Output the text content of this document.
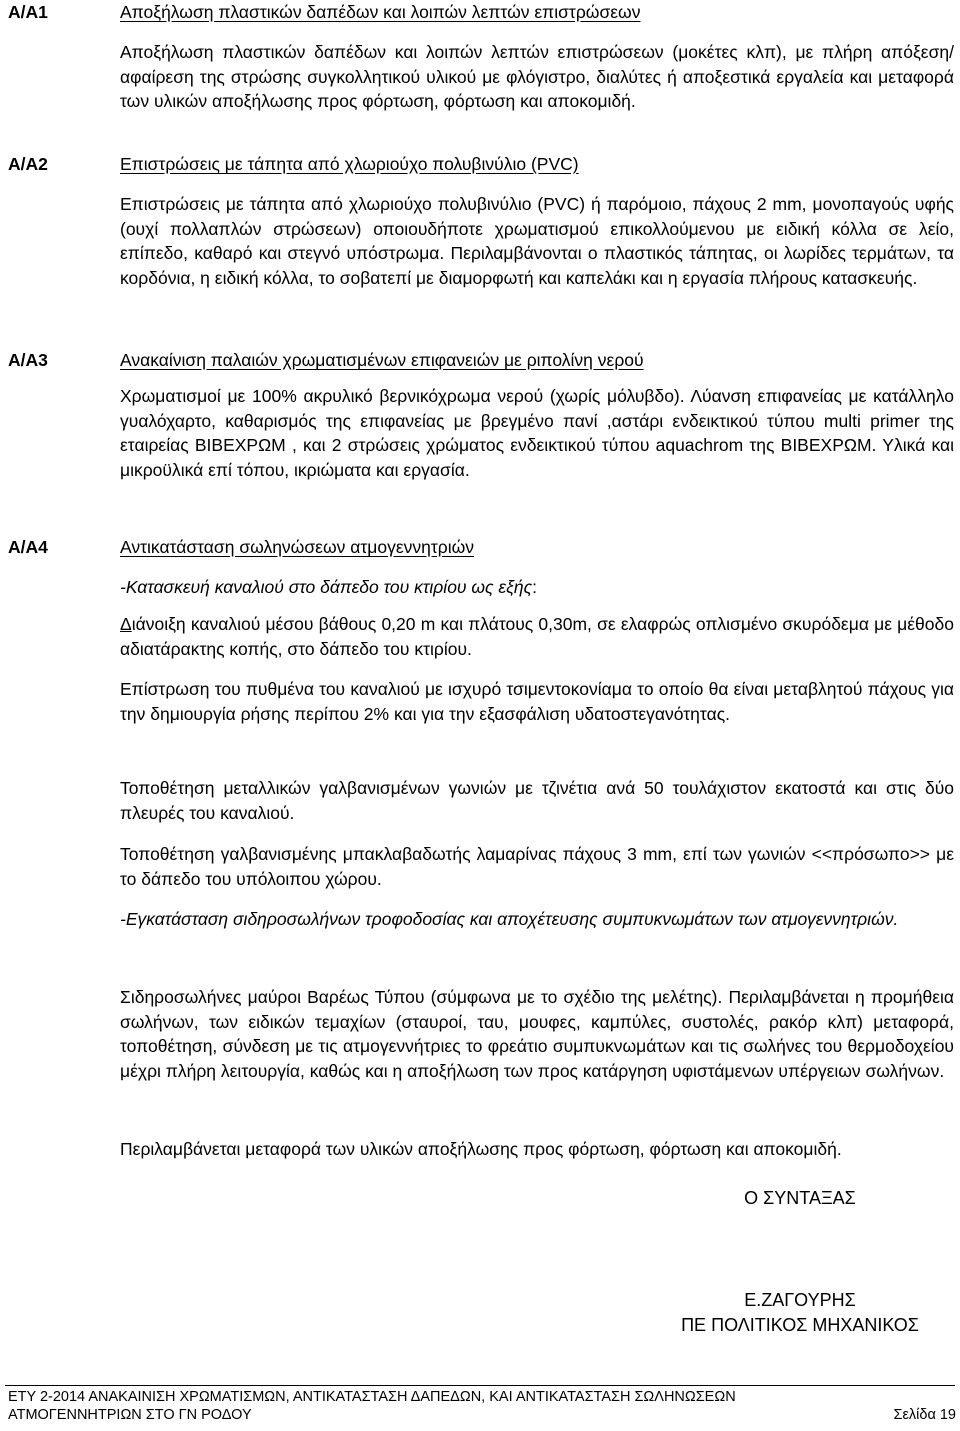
Α/Α1	Αποξήλωση πλαστικών δαπέδων και λοιπών λεπτών επιστρώσεων
Αποξήλωση πλαστικών δαπέδων και λοιπών λεπτών επιστρώσεων (μοκέτες κλπ), με πλήρη απόξεση/αφαίρεση της στρώσης συγκολλητικού υλικού με φλόγιστρο, διαλύτες ή αποξεστικά εργαλεία και μεταφορά των υλικών αποξήλωσης προς φόρτωση, φόρτωση και αποκομιδή.
Α/Α2	Επιστρώσεις με τάπητα από χλωριούχο πολυβινύλιο (PVC)
Επιστρώσεις με τάπητα από χλωριούχο πολυβινύλιο (PVC) ή παρόμοιο, πάχους 2 mm, μονοπαγούς υφής (ουχί πολλαπλών στρώσεων) οποιουδήποτε χρωματισμού επικολλούμενου με ειδική κόλλα σε λείο, επίπεδο, καθαρό και στεγνό υπόστρωμα. Περιλαμβάνονται ο πλαστικός τάπητας, οι λωρίδες τερμάτων, τα κορδόνια, η ειδική κόλλα, το σοβατεπί με διαμορφωτή και καπελάκι και η εργασία πλήρους κατασκευής.
Α/Α3	Ανακαίνιση παλαιών χρωματισμένων επιφανειών με ριπολίνη νερού
Χρωματισμοί με 100% ακρυλικό βερνικόχρωμα νερού (χωρίς μόλυβδο). Λύανση επιφανείας με κατάλληλο γυαλόχαρτο, καθαρισμός της επιφανείας με βρεγμένο πανί ,αστάρι ενδεικτικού τύπου multi primer της εταιρείας ΒΙΒΕΧΡΩΜ , και 2 στρώσεις χρώματος ενδεικτικού τύπου aquachrom της ΒΙΒΕΧΡΩΜ. Υλικά και μικροϋλικά επί τόπου, ικριώματα και εργασία.
Α/Α4	Αντικατάσταση σωληνώσεων ατμογεννητριών
-Κατασκευή καναλιού στο δάπεδο του κτιρίου ως εξής:
Διάνοιξη καναλιού μέσου βάθους 0,20 m και πλάτους 0,30m, σε ελαφρώς οπλισμένο σκυρόδεμα με μέθοδο αδιατάρακτης κοπής, στο δάπεδο του κτιρίου.
Επίστρωση του πυθμένα του καναλιού με ισχυρό τσιμεντοκονίαμα το οποίο θα είναι μεταβλητού πάχους για την δημιουργία ρήσης περίπου 2% και για την εξασφάλιση υδατοστεγανότητας.
Τοποθέτηση μεταλλικών γαλβανισμένων γωνιών με τζινέτια ανά 50 τουλάχιστον εκατοστά και στις δύο πλευρές του καναλιού.
Τοποθέτηση γαλβανισμένης μπακλαβαδωτής λαμαρίνας πάχους 3 mm, επί των γωνιών <<πρόσωπο>> με το δάπεδο του υπόλοιπου χώρου.
-Εγκατάσταση σιδηροσωλήνων τροφοδοσίας και αποχέτευσης συμπυκνωμάτων των ατμογεννητριών.
Σιδηροσωλήνες μαύροι Βαρέως Τύπου (σύμφωνα με το σχέδιο της μελέτης). Περιλαμβάνεται η προμήθεια σωλήνων, των ειδικών τεμαχίων (σταυροί, ταυ, μουφες, καμπύλες, συστολές, ρακόρ κλπ) μεταφορά, τοποθέτηση, σύνδεση με τις ατμογεννήτριες το φρεάτιο συμπυκνωμάτων και τις σωλήνες του θερμοδοχείου μέχρι πλήρη λειτουργία, καθώς και η αποξήλωση των προς κατάργηση υφιστάμενων υπέργειων σωλήνων.
Περιλαμβάνεται μεταφορά των υλικών αποξήλωσης προς φόρτωση, φόρτωση και αποκομιδή.
Ο ΣΥΝΤΑΞΑΣ
Ε.ΖΑΓΟΥΡΗΣ
ΠΕ ΠΟΛΙΤΙΚΟΣ ΜΗΧΑΝΙΚΟΣ
ΕΤΥ 2-2014 ΑΝΑΚΑΙΝΙΣΗ ΧΡΩΜΑΤΙΣΜΩΝ, ΑΝΤΙΚΑΤΑΣΤΑΣΗ ΔΑΠΕΔΩΝ, ΚΑΙ ΑΝΤΙΚΑΤΑΣΤΑΣΗ ΣΩΛΗΝΩΣΕΩΝ
ΑΤΜΟΓΕΝΝΗΤΡΙΩΝ ΣΤΟ ΓΝ ΡΟΔΟΥ	Σελίδα 19
